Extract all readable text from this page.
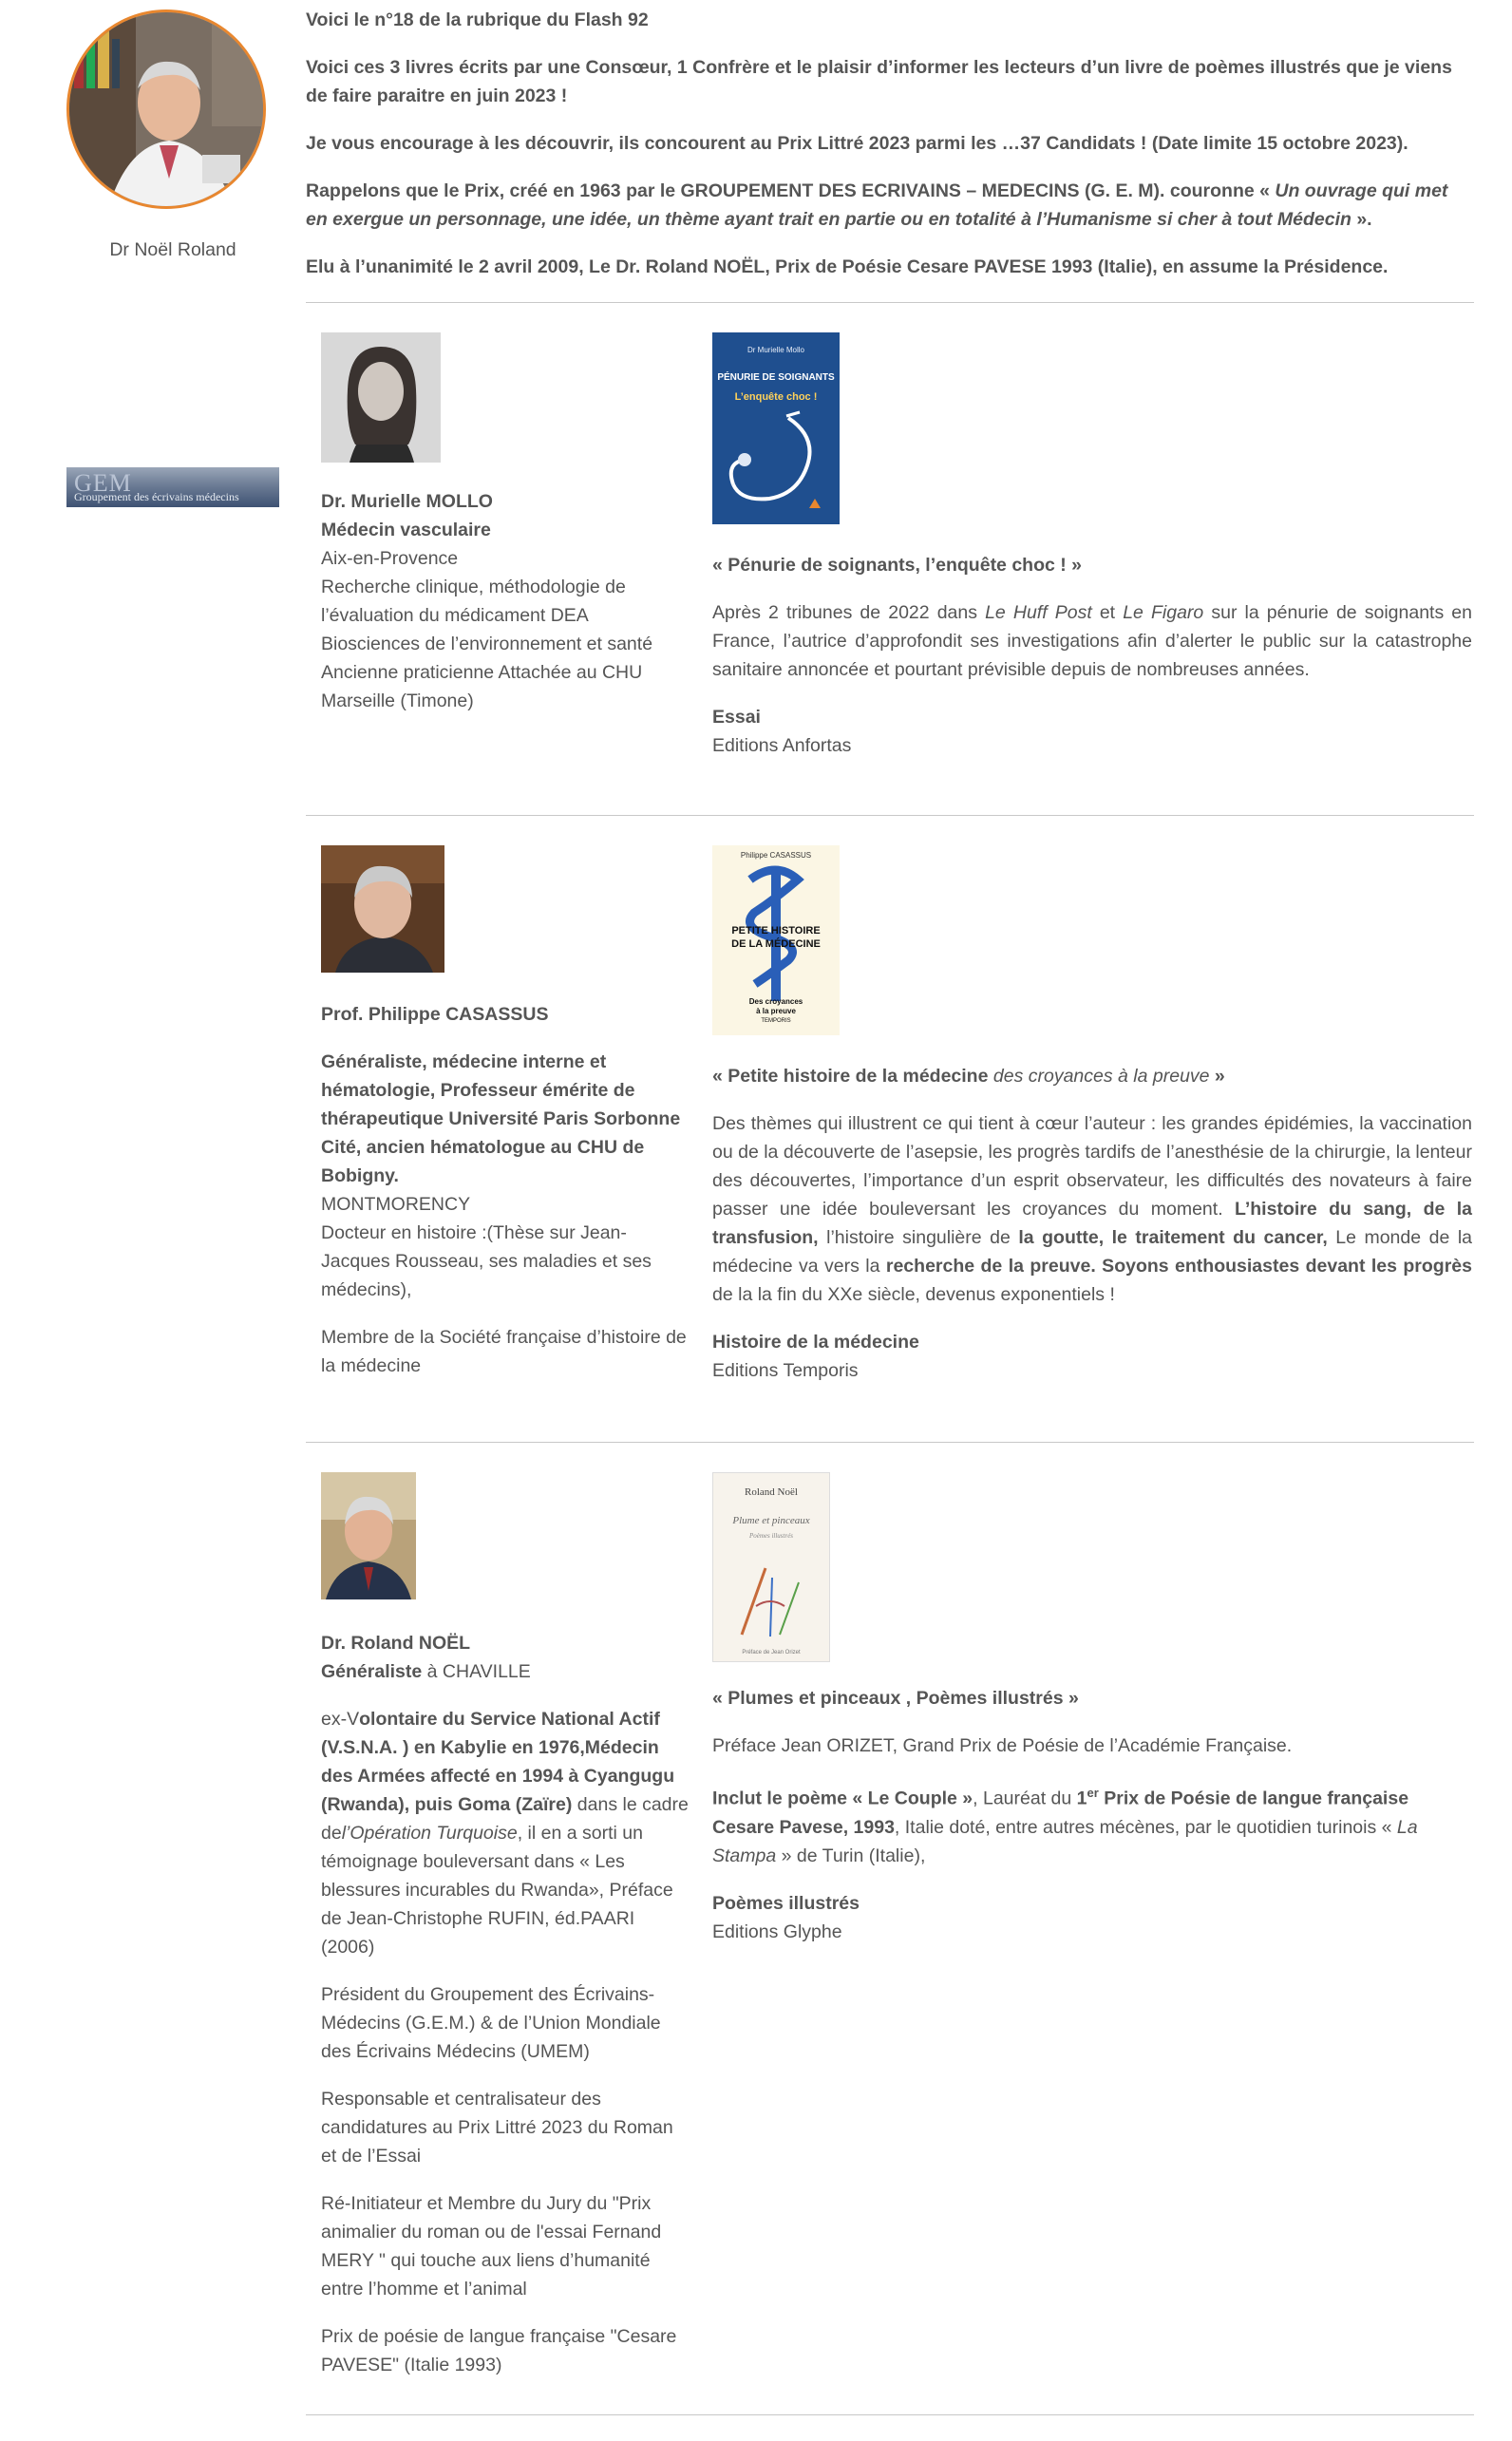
Dr Noël Roland
GEM
Groupement des écrivains médecins

Voici le n°18 de la rubrique du Flash 92

Voici ces 3 livres écrits par une Consœur, 1 Confrère et le plaisir d’informer les lecteurs d’un livre de poèmes illustrés que je viens de faire paraitre en juin 2023 !

Je vous encourage à les découvrir, ils concourent au Prix Littré 2023 parmi les …37 Candidats ! (Date limite 15 octobre 2023).

Rappelons que le Prix, créé en 1963 par le GROUPEMENT DES ECRIVAINS – MEDECINS (G. E. M). couronne « Un ouvrage qui met en exergue un personnage, une idée, un thème ayant trait en partie ou en totalité à l’Humanisme si cher à tout Médecin ».

Elu à l’unanimité le 2 avril 2009, Le Dr. Roland NOËL, Prix de Poésie Cesare PAVESE 1993 (Italie), en assume la Présidence.

Dr. Murielle MOLLO

Médecin vasculaire

Aix-en-Provence

Recherche clinique, méthodologie de

l’évaluation du médicament DEA

Biosciences de l’environnement et santé

Ancienne praticienne Attachée au CHU

Marseille (Timone)

Dr Murielle Mollo
PÉNURIE DE SOIGNANTS
L’enquête choc !

« Pénurie de soignants, l’enquête choc ! »

Après 2 tribunes de 2022 dans Le Huff Post et Le Figaro sur la pénurie de soignants en France, l’autrice d’approfondit ses investigations afin d’alerter le public sur la catastrophe sanitaire annoncée et pourtant prévisible depuis de nombreuses années.

Essai

Editions Anfortas

Prof. Philippe CASASSUS

Généraliste, médecine interne et hématologie, Professeur émérite de thérapeutique Université Paris Sorbonne Cité, ancien hématologue au CHU de Bobigny.

MONTMORENCY

Docteur en histoire :(Thèse sur Jean-

Jacques Rousseau, ses maladies et ses

médecins),

Membre de la Société française d’histoire de la médecine

Philippe CASASSUS
PETITE HISTOIRE
DE LA MÉDECINE
Des croyances
à la preuve
TEMPORIS

« Petite histoire de la médecine des croyances à la preuve »

Des thèmes qui illustrent ce qui tient à cœur l’auteur : les grandes épidémies, la vaccination ou de la découverte de l’asepsie, les progrès tardifs de l’anesthésie de la chirurgie, la lenteur des découvertes, l’importance d’un esprit observateur, les difficultés des novateurs à faire passer une idée bouleversant les croyances du moment. L’histoire du sang, de la transfusion, l’histoire singulière de la goutte, le traitement du cancer, Le monde de la médecine va vers la recherche de la preuve. Soyons enthousiastes devant les progrès de la la fin du XXe siècle, devenus exponentiels !

Histoire de la médecine

Editions Temporis

Dr. Roland NOËL

Généraliste à CHAVILLE

ex-Volontaire du Service National Actif (V.S.N.A. ) en Kabylie en 1976,Médecin des Armées affecté en 1994 à Cyangugu (Rwanda), puis Goma (Zaïre) dans le cadre del’Opération Turquoise, il en a sorti un témoignage bouleversant dans « Les blessures incurables du Rwanda», Préface de Jean-Christophe RUFIN, éd.PAARI (2006)

Président du Groupement des Écrivains-Médecins (G.E.M.) & de l’Union Mondiale des Écrivains Médecins (UMEM)

Responsable et centralisateur des candidatures au Prix Littré 2023 du Roman et de l’Essai

Ré-Initiateur et Membre du Jury du "Prix animalier du roman ou de l'essai Fernand MERY " qui touche aux liens d’humanité entre l’homme et l’animal

Prix de poésie de langue française "Cesare PAVESE" (Italie 1993)

Roland Noël
Plume et pinceaux
Poèmes illustrés
Préface de Jean Orizet

« Plumes et pinceaux , Poèmes illustrés »

Préface Jean ORIZET, Grand Prix de Poésie de l’Académie Française.

Inclut le poème « Le Couple », Lauréat du 1er Prix de Poésie de langue française Cesare Pavese, 1993, Italie doté, entre autres mécènes, par le quotidien turinois « La Stampa » de Turin (Italie),

Poèmes illustrés

Editions Glyphe
